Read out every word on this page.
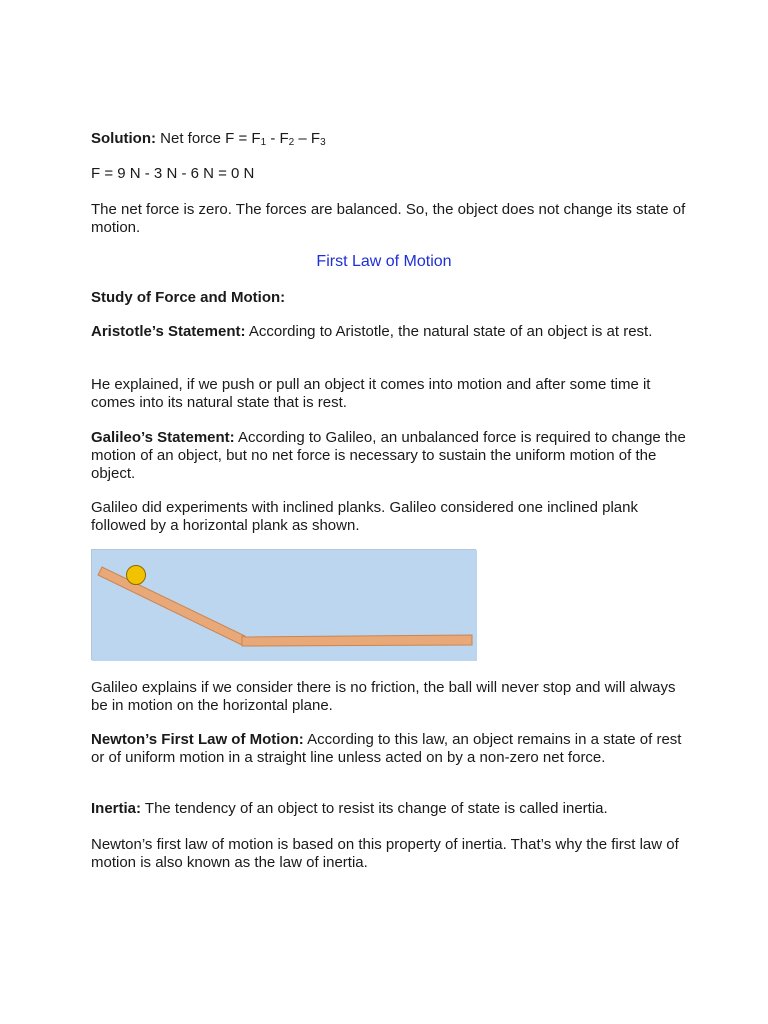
Solution: Net force $F = F_1 - F_2 - F_3$

F = 9 N - 3 N - 6 N = 0 N

The net force is zero. The forces are balanced. So, the object does not change its state of motion.

First Law of Motion

Study of Force and Motion:

Aristotle’s Statement: According to Aristotle, the natural state of an object is at rest.

He explained, if we push or pull an object it comes into motion and after some time it comes into its natural state that is rest.

Galileo’s Statement: According to Galileo, an unbalanced force is required to change the motion of an object, but no net force is necessary to sustain the uniform motion of the object.

Galileo did experiments with inclined planks. Galileo considered one inclined plank followed by a horizontal plank as shown.

Galileo explains if we consider there is no friction, the ball will never stop and will always be in motion on the horizontal plane.

Newton’s First Law of Motion: According to this law, an object remains in a state of rest or of uniform motion in a straight line unless acted on by a non-zero net force.

Inertia: The tendency of an object to resist its change of state is called inertia.

Newton’s first law of motion is based on this property of inertia. That’s why the first law of motion is also known as the law of inertia.
